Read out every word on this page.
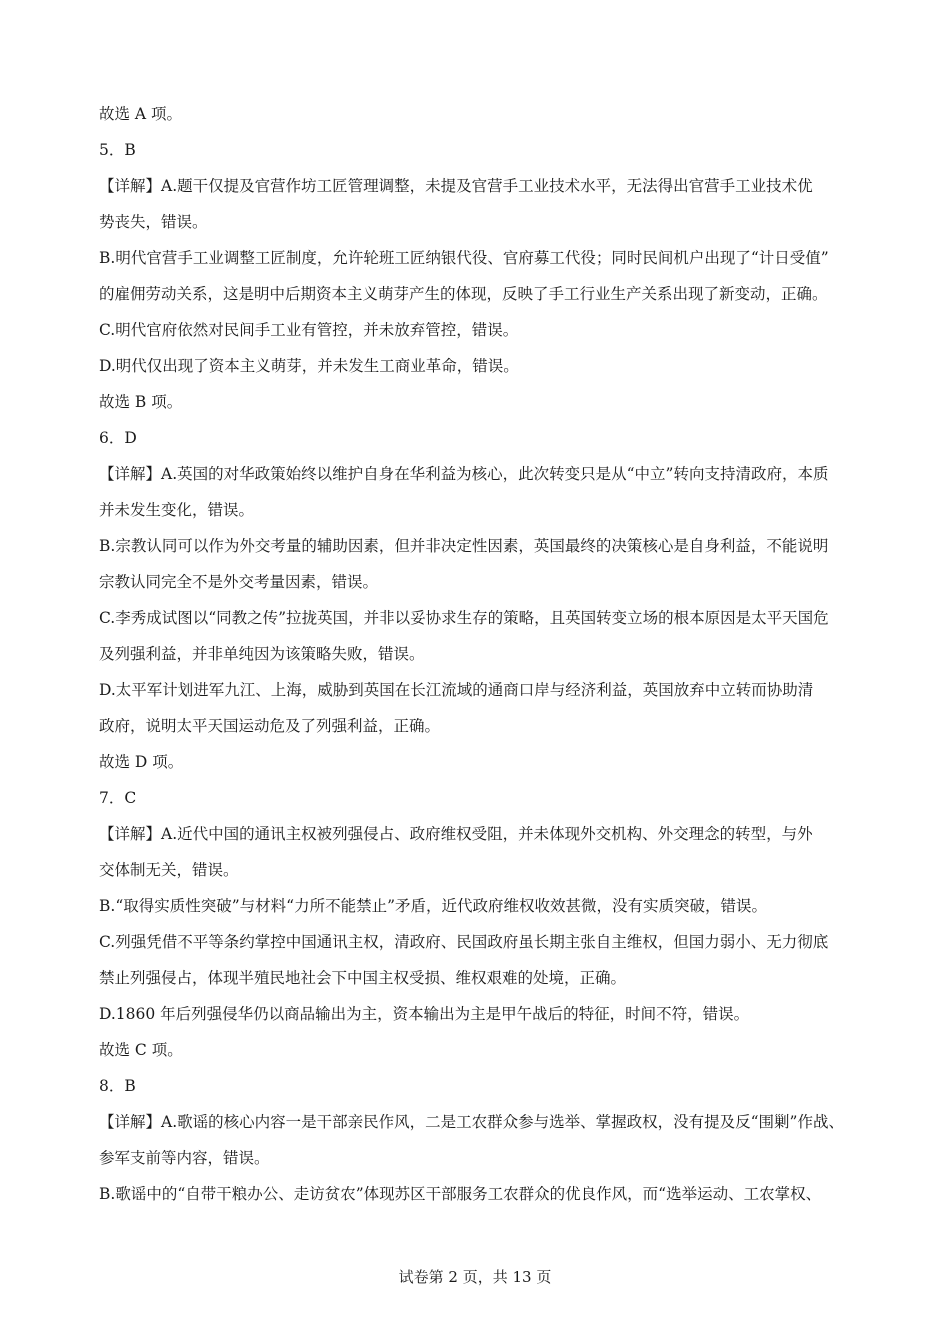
故选 A 项。
5．B
【详解】A.题干仅提及官营作坊工匠管理调整，未提及官营手工业技术水平，无法得出官营手工业技术优
势丧失，错误。
B.明代官营手工业调整工匠制度，允许轮班工匠纳银代役、官府募工代役；同时民间机户出现了“计日受值”
的雇佣劳动关系，这是明中后期资本主义萌芽产生的体现，反映了手工行业生产关系出现了新变动，正确。
C.明代官府依然对民间手工业有管控，并未放弃管控，错误。
D.明代仅出现了资本主义萌芽，并未发生工商业革命，错误。
故选 B 项。
6．D
【详解】A.英国的对华政策始终以维护自身在华利益为核心，此次转变只是从“中立”转向支持清政府，本质
并未发生变化，错误。
B.宗教认同可以作为外交考量的辅助因素，但并非决定性因素，英国最终的决策核心是自身利益，不能说明
宗教认同完全不是外交考量因素，错误。
C.李秀成试图以“同教之传”拉拢英国，并非以妥协求生存的策略，且英国转变立场的根本原因是太平天国危
及列强利益，并非单纯因为该策略失败，错误。
D.太平军计划进军九江、上海，威胁到英国在长江流域的通商口岸与经济利益，英国放弃中立转而协助清
政府，说明太平天国运动危及了列强利益，正确。
故选 D 项。
7．C
【详解】A.近代中国的通讯主权被列强侵占、政府维权受阻，并未体现外交机构、外交理念的转型，与外
交体制无关，错误。
B.“取得实质性突破”与材料“力所不能禁止”矛盾，近代政府维权收效甚微，没有实质突破，错误。
C.列强凭借不平等条约掌控中国通讯主权，清政府、民国政府虽长期主张自主维权，但国力弱小、无力彻底
禁止列强侵占，体现半殖民地社会下中国主权受损、维权艰难的处境，正确。
D.1860 年后列强侵华仍以商品输出为主，资本输出为主是甲午战后的特征，时间不符，错误。
故选 C 项。
8．B
【详解】A.歌谣的核心内容一是干部亲民作风，二是工农群众参与选举、掌握政权，没有提及反“围剿”作战、
参军支前等内容，错误。
B.歌谣中的“自带干粮办公、走访贫农”体现苏区干部服务工农群众的优良作风，而“选举运动、工农掌权、
试卷第 2 页，共 13 页
